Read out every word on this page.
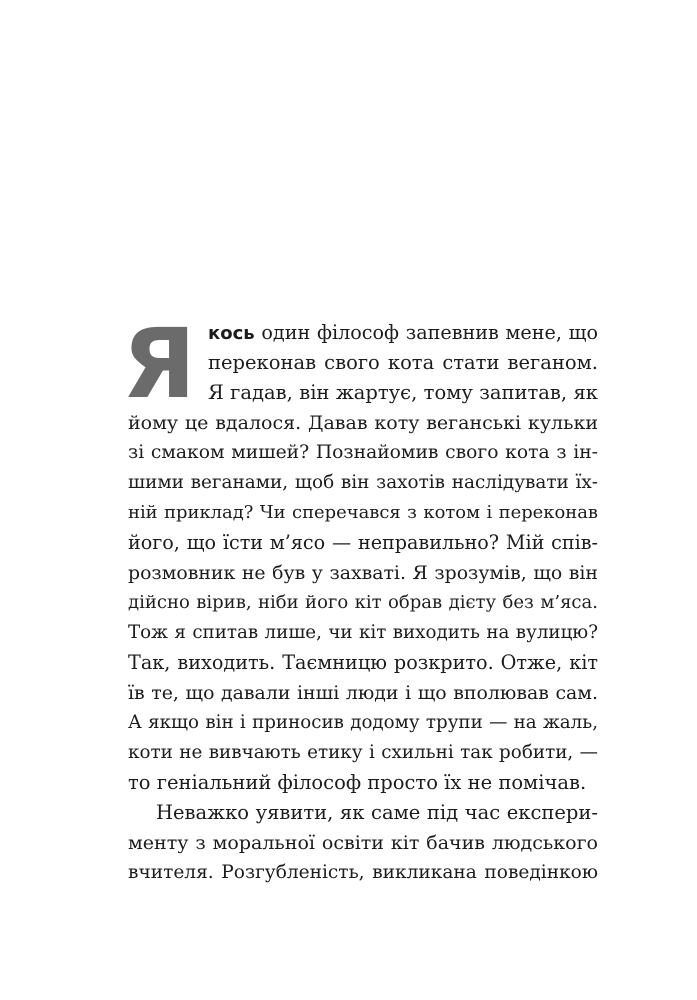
Я кось один філософ запевнив мене, що
переконав свого кота стати веганом.
Я гадав, він жартує, тому запитав, як
йому це вдалося. Давав коту веганські кульки
зі смаком мишей? Познайомив свого кота з ін-
шими веганами, щоб він захотів наслідувати їх-
ній приклад? Чи сперечався з котом і переконав
його, що їсти м’ясо — неправильно? Мій спів-
розмовник не був у захваті. Я зрозумів, що він
дійсно вірив, ніби його кіт обрав дієту без м’яса.
Тож я спитав лише, чи кіт виходить на вулицю?
Так, виходить. Таємницю розкрито. Отже, кіт
їв те, що давали інші люди і що вполював сам.
А якщо він і приносив додому трупи — на жаль,
коти не вивчають етику і схильні так робити, —
то геніальний філософ просто їх не помічав.
Неважко уявити, як саме під час експери-
менту з моральної освіти кіт бачив людського
вчителя. Розгубленість, викликана поведінкою
